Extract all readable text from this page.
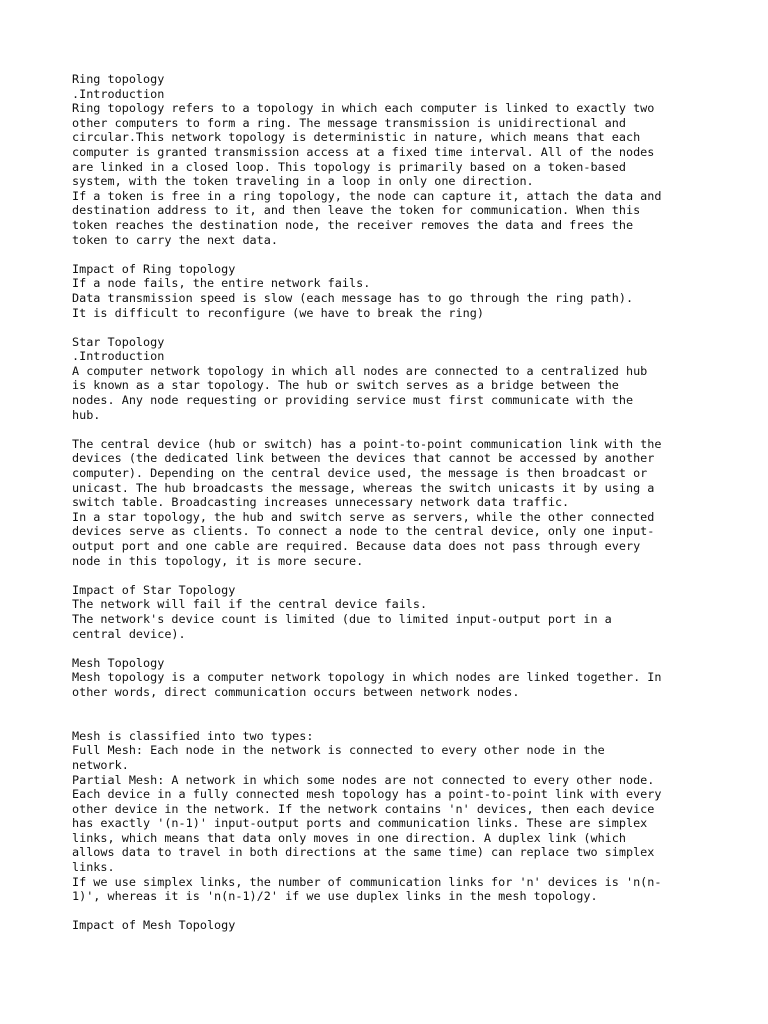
Ring topology
.Introduction
Ring topology refers to a topology in which each computer is linked to exactly two
other computers to form a ring. The message transmission is unidirectional and
circular.This network topology is deterministic in nature, which means that each
computer is granted transmission access at a fixed time interval. All of the nodes
are linked in a closed loop. This topology is primarily based on a token-based
system, with the token traveling in a loop in only one direction.
If a token is free in a ring topology, the node can capture it, attach the data and
destination address to it, and then leave the token for communication. When this
token reaches the destination node, the receiver removes the data and frees the
token to carry the next data.
Impact of Ring topology
If a node fails, the entire network fails.
Data transmission speed is slow (each message has to go through the ring path).
It is difficult to reconfigure (we have to break the ring)
Star Topology
.Introduction
A computer network topology in which all nodes are connected to a centralized hub
is known as a star topology. The hub or switch serves as a bridge between the
nodes. Any node requesting or providing service must first communicate with the
hub.
The central device (hub or switch) has a point-to-point communication link with the
devices (the dedicated link between the devices that cannot be accessed by another
computer). Depending on the central device used, the message is then broadcast or
unicast. The hub broadcasts the message, whereas the switch unicasts it by using a
switch table. Broadcasting increases unnecessary network data traffic.
In a star topology, the hub and switch serve as servers, while the other connected
devices serve as clients. To connect a node to the central device, only one input-
output port and one cable are required. Because data does not pass through every
node in this topology, it is more secure.
Impact of Star Topology
The network will fail if the central device fails.
The network's device count is limited (due to limited input-output port in a
central device).
Mesh Topology
Mesh topology is a computer network topology in which nodes are linked together. In
other words, direct communication occurs between network nodes.
Mesh is classified into two types:
Full Mesh: Each node in the network is connected to every other node in the
network.
Partial Mesh: A network in which some nodes are not connected to every other node.
Each device in a fully connected mesh topology has a point-to-point link with every
other device in the network. If the network contains 'n' devices, then each device
has exactly '(n-1)' input-output ports and communication links. These are simplex
links, which means that data only moves in one direction. A duplex link (which
allows data to travel in both directions at the same time) can replace two simplex
links.
If we use simplex links, the number of communication links for 'n' devices is 'n(n-
1)', whereas it is 'n(n-1)/2' if we use duplex links in the mesh topology.
Impact of Mesh Topology
